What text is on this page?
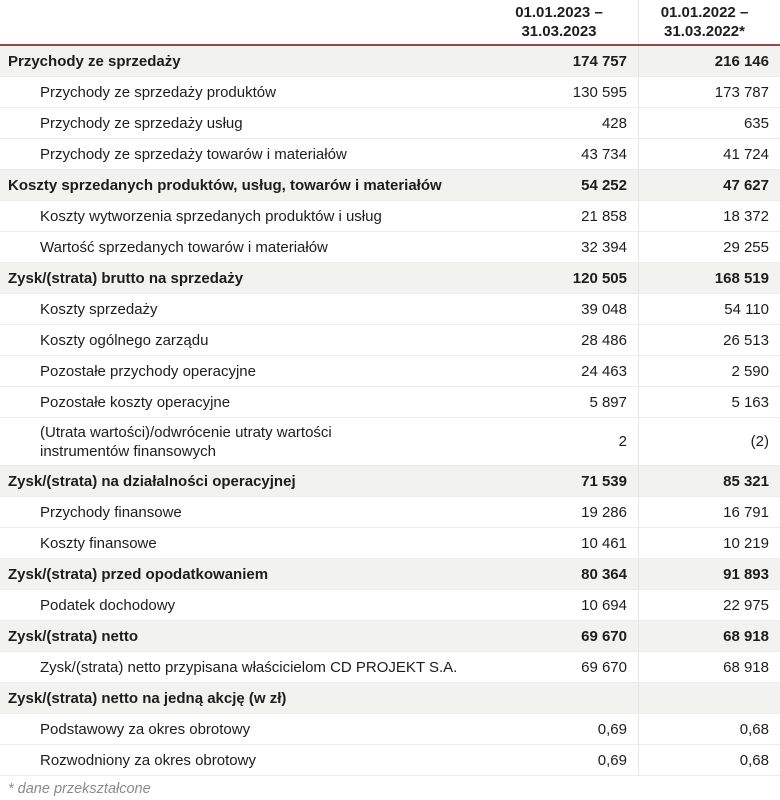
01.01.2023 –
31.03.2023
01.01.2022 –
31.03.2022*
Przychody ze sprzedaży	174 757	216 146
Przychody ze sprzedaży produktów	130 595	173 787
Przychody ze sprzedaży usług	428	635
Przychody ze sprzedaży towarów i materiałów	43 734	41 724
Koszty sprzedanych produktów, usług, towarów i materiałów	54 252	47 627
Koszty wytworzenia sprzedanych produktów i usług	21 858	18 372
Wartość sprzedanych towarów i materiałów	32 394	29 255
Zysk/(strata) brutto na sprzedaży	120 505	168 519
Koszty sprzedaży	39 048	54 110
Koszty ogólnego zarządu	28 486	26 513
Pozostałe przychody operacyjne	24 463	2 590
Pozostałe koszty operacyjne	5 897	5 163
(Utrata wartości)/odwrócenie utraty wartości
instrumentów finansowych
2	(2)
Zysk/(strata) na działalności operacyjnej	71 539	85 321
Przychody finansowe	19 286	16 791
Koszty finansowe	10 461	10 219
Zysk/(strata) przed opodatkowaniem	80 364	91 893
Podatek dochodowy	10 694	22 975
Zysk/(strata) netto	69 670	68 918
Zysk/(strata) netto przypisana właścicielom CD PROJEKT S.A.	69 670	68 918
Zysk/(strata) netto na jedną akcję (w zł)
Podstawowy za okres obrotowy	0,69	0,68
Rozwodniony za okres obrotowy	0,69	0,68
* dane przekształcone
